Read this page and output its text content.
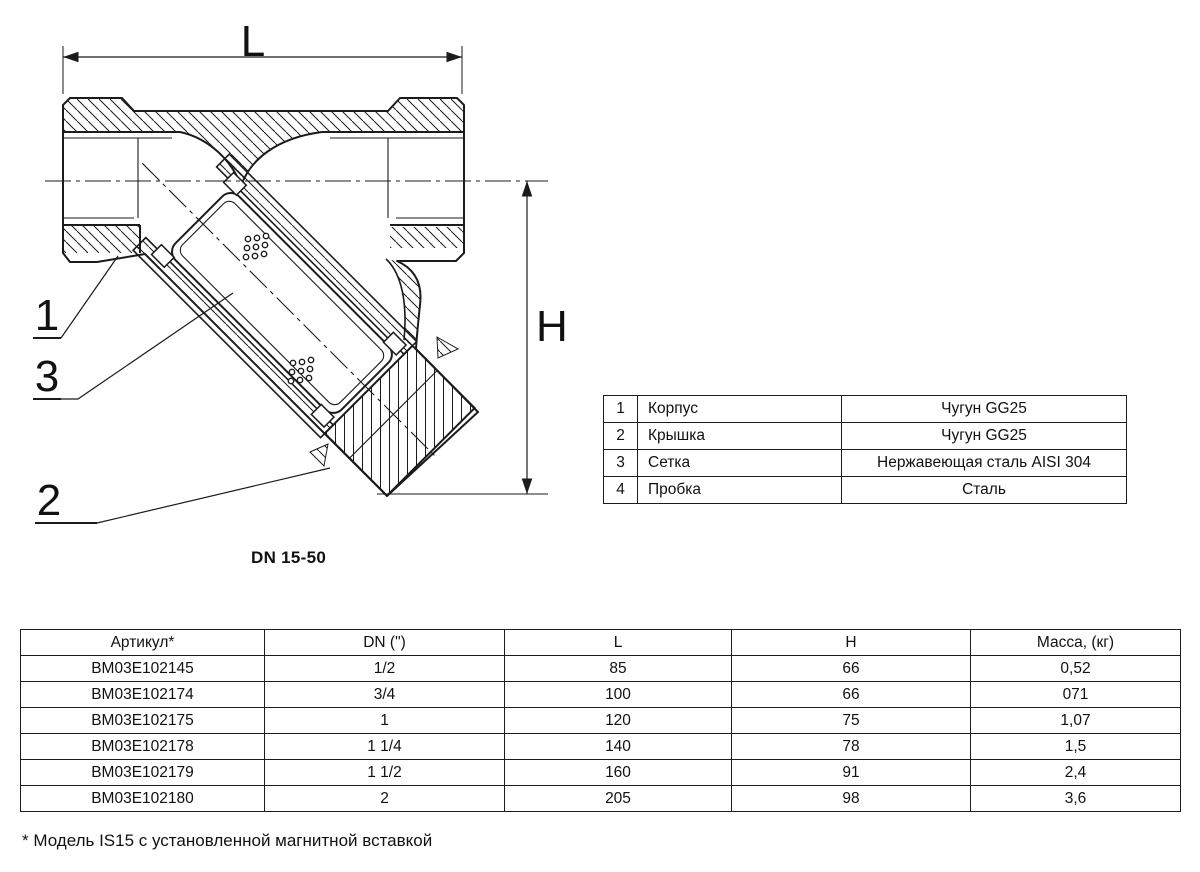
L
H
1
3
2
DN 15-50
1	Корпус	Чугун GG25
2	Крышка	Чугун GG25
3	Сетка	Нержавеющая сталь AISI 304
4	Пробка	Сталь
Артикул*	DN (")	L	H	Масса, (кг)
BM03E102145	1/2	85	66	0,52
BM03E102174	3/4	100	66	071
BM03E102175	1	120	75	1,07
BM03E102178	1 1/4	140	78	1,5
BM03E102179	1 1/2	160	91	2,4
BM03E102180	2	205	98	3,6
* Модель IS15 с установленной магнитной вставкой
